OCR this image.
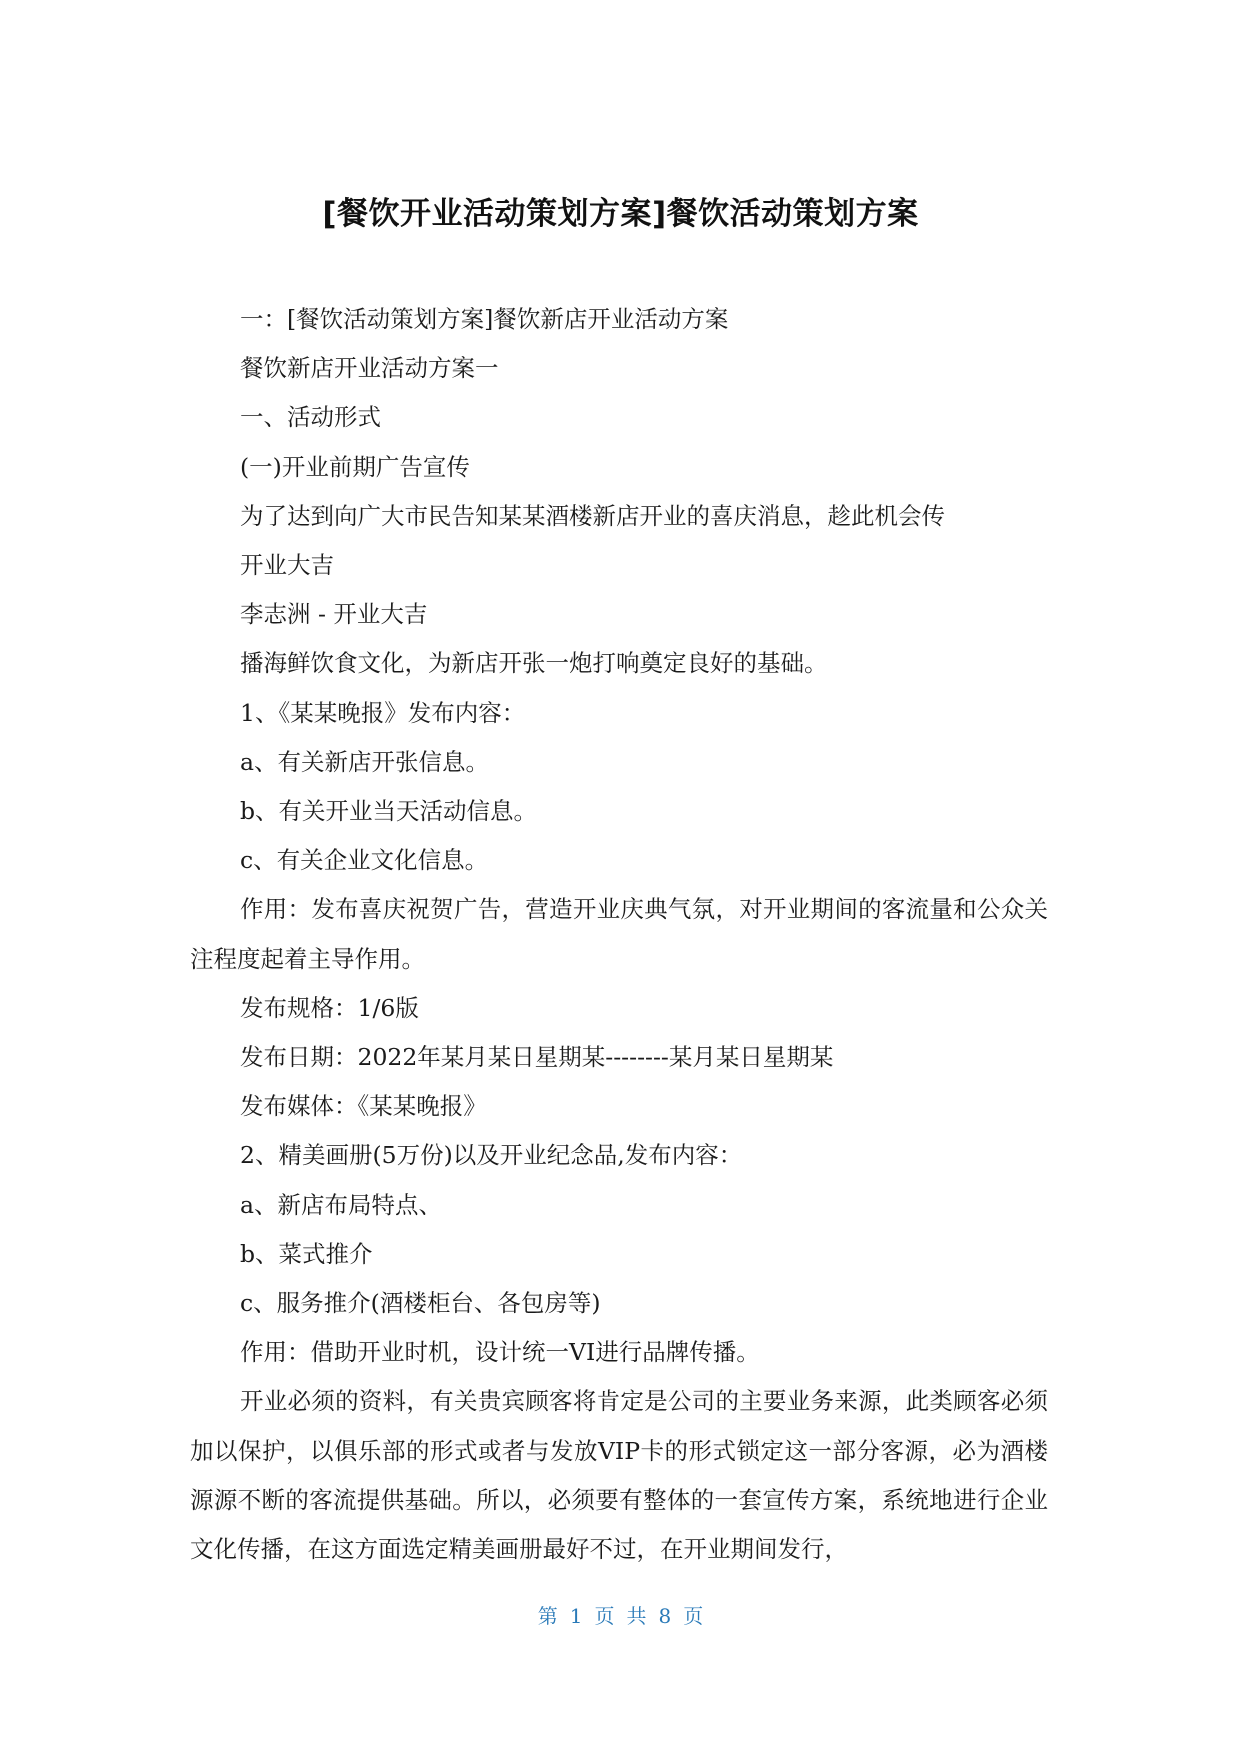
[餐饮开业活动策划方案]餐饮活动策划方案

一：[餐饮活动策划方案]餐饮新店开业活动方案

餐饮新店开业活动方案一

一、活动形式

(一)开业前期广告宣传

为了达到向广大市民告知某某酒楼新店开业的喜庆消息，趁此机会传

开业大吉

李志洲 - 开业大吉

播海鲜饮食文化，为新店开张一炮打响奠定良好的基础。

1、《某某晚报》发布内容：

a、有关新店开张信息。

b、有关开业当天活动信息。

c、有关企业文化信息。

作用：发布喜庆祝贺广告，营造开业庆典气氛，对开业期间的客流量和公众关注程度起着主导作用。

发布规格：1/6版

发布日期：2022年某月某日星期某--------某月某日星期某

发布媒体：《某某晚报》

2、精美画册(5万份)以及开业纪念品,发布内容：

a、新店布局特点、

b、菜式推介

c、服务推介(酒楼柜台、各包房等)

作用：借助开业时机，设计统一VI进行品牌传播。

开业必须的资料，有关贵宾顾客将肯定是公司的主要业务来源，此类顾客必须加以保护，以俱乐部的形式或者与发放VIP卡的形式锁定这一部分客源，必为酒楼源源不断的客流提供基础。所以，必须要有整体的一套宣传方案，系统地进行企业文化传播，在这方面选定精美画册最好不过，在开业期间发行，

第 1 页 共 8 页
